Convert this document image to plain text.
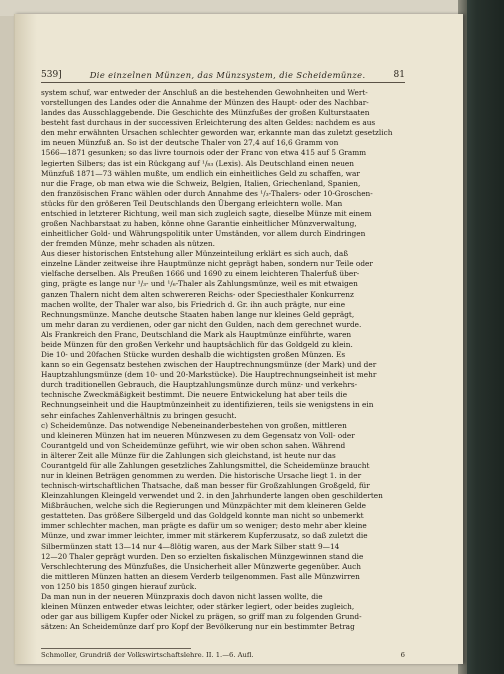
539]	Die einzelnen Münzen, das Münzsystem, die Scheidemünze.	81
system schuf, war entweder der Anschluß an die bestehenden Gewohnheiten und Wert-
vorstellungen des Landes oder die Annahme der Münzen des Haupt- oder des Nachbar-
landes das Ausschlaggebende. Die Geschichte des Münzfußes der großen Kulturstaaten
besteht fast durchaus in der successiven Erleichterung des alten Geldes: nachdem es aus
den mehr erwähnten Ursachen schlechter geworden war, erkannte man das zuletzt gesetzlich
im neuen Münzfuß an. So ist der deutsche Thaler von 27,4 auf 16,6 Gramm von
1566—1871 gesunken; so das livre tournois oder der Franc von etwa 415 auf 5 Gramm
legierten Silbers; das ist ein Rückgang auf ¹/₈₃ (Lexis). Als Deutschland einen neuen
Münzfuß 1871—73 wählen mußte, um endlich ein einheitliches Geld zu schaffen, war
nur die Frage, ob man etwa wie die Schweiz, Belgien, Italien, Griechenland, Spanien,
den französischen Franc wählen oder durch Annahme des ¹/₃-Thalers- oder 10-Groschen-
stücks für den größeren Teil Deutschlands den Übergang erleichtern wolle. Man
entschied in letzterer Richtung, weil man sich zugleich sagte, dieselbe Münze mit einem
großen Nachbarstaat zu haben, könne ohne Garantie einheitlicher Münzverwaltung,
einheitlicher Gold- und Währungspolitik unter Umständen, vor allem durch Eindringen
der fremden Münze, mehr schaden als nützen.
Aus dieser historischen Entstehung aller Münzeinteilung erklärt es sich auch, daß
einzelne Länder zeitweise ihre Hauptmünze nicht geprägt haben, sondern nur Teile oder
vielfache derselben. Als Preußen 1666 und 1690 zu einem leichteren Thalerfuß über-
ging, prägte es lange nur ¹/₃- und ¹/₆-Thaler als Zahlungsmünze, weil es mit etwaigen
ganzen Thalern nicht dem alten schwereren Reichs- oder Speciesthaler Konkurrenz
machen wollte, der Thaler war also, bis Friedrich d. Gr. ihn auch prägte, nur eine
Rechnungsmünze. Manche deutsche Staaten haben lange nur kleines Geld geprägt,
um mehr daran zu verdienen, oder gar nicht den Gulden, nach dem gerechnet wurde.
Als Frankreich den Franc, Deutschland die Mark als Hauptmünze einführte, waren
beide Münzen für den großen Verkehr und hauptsächlich für das Goldgeld zu klein.
Die 10- und 20fachen Stücke wurden deshalb die wichtigsten großen Münzen. Es
kann so ein Gegensatz bestehen zwischen der Hauptrechnungsmünze (der Mark) und der
Hauptzahlungsmünze (dem 10- und 20-Markstücke). Die Hauptrechnungseinheit ist mehr
durch traditionellen Gebrauch, die Hauptzahlungsmünze durch münz- und verkehrs-
technische Zweckmäßigkeit bestimmt. Die neuere Entwickelung hat aber teils die
Rechnungseinheit und die Hauptmünzeinheit zu identifizieren, teils sie wenigstens in ein
sehr einfaches Zahlenverhältnis zu bringen gesucht.
c) Scheidemünze. Das notwendige Nebeneinanderbestehen von großen, mittleren
und kleineren Münzen hat im neueren Münzwesen zu dem Gegensatz von Voll- oder
Courantgeld und von Scheidemünze geführt, wie wir oben schon sahen. Während
in älterer Zeit alle Münze für die Zahlungen sich gleichstand, ist heute nur das
Courantgeld für alle Zahlungen gesetzliches Zahlungsmittel, die Scheidemünze braucht
nur in kleinen Beträgen genommen zu werden. Die historische Ursache liegt 1. in der
technisch-wirtschaftlichen Thatsache, daß man besser für Großzahlungen Großgeld, für
Kleinzahlungen Kleingeld verwendet und 2. in den Jahrhunderte langen oben geschilderten
Mißbräuchen, welche sich die Regierungen und Münzpächter mit dem kleineren Gelde
gestatteten. Das größere Silbergeld und das Goldgeld konnte man nicht so unbemerkt
immer schlechter machen, man prägte es dafür um so weniger; desto mehr aber kleine
Münze, und zwar immer leichter, immer mit stärkerem Kupferzusatz, so daß zuletzt die
Silbermünzen statt 13—14 nur 4—8lötig waren, aus der Mark Silber statt 9—14
12—20 Thaler geprägt wurden. Den so erzielten fiskalischen Münzgewinnen stand die
Verschlechterung des Münzfußes, die Unsicherheit aller Münzwerte gegenüber. Auch
die mittleren Münzen hatten an diesem Verderb teilgenommen. Fast alle Münzwirren
von 1250 bis 1850 gingen hierauf zurück.
Da man nun in der neueren Münzpraxis doch davon nicht lassen wollte, die
kleinen Münzen entweder etwas leichter, oder stärker legiert, oder beides zugleich,
oder gar aus billigem Kupfer oder Nickel zu prägen, so griff man zu folgenden Grund-
sätzen: An Scheidemünze darf pro Kopf der Bevölkerung nur ein bestimmter Betrag
Schmoller, Grundriß der Volkswirtschaftslehre. II. 1.—6. Aufl.	6
